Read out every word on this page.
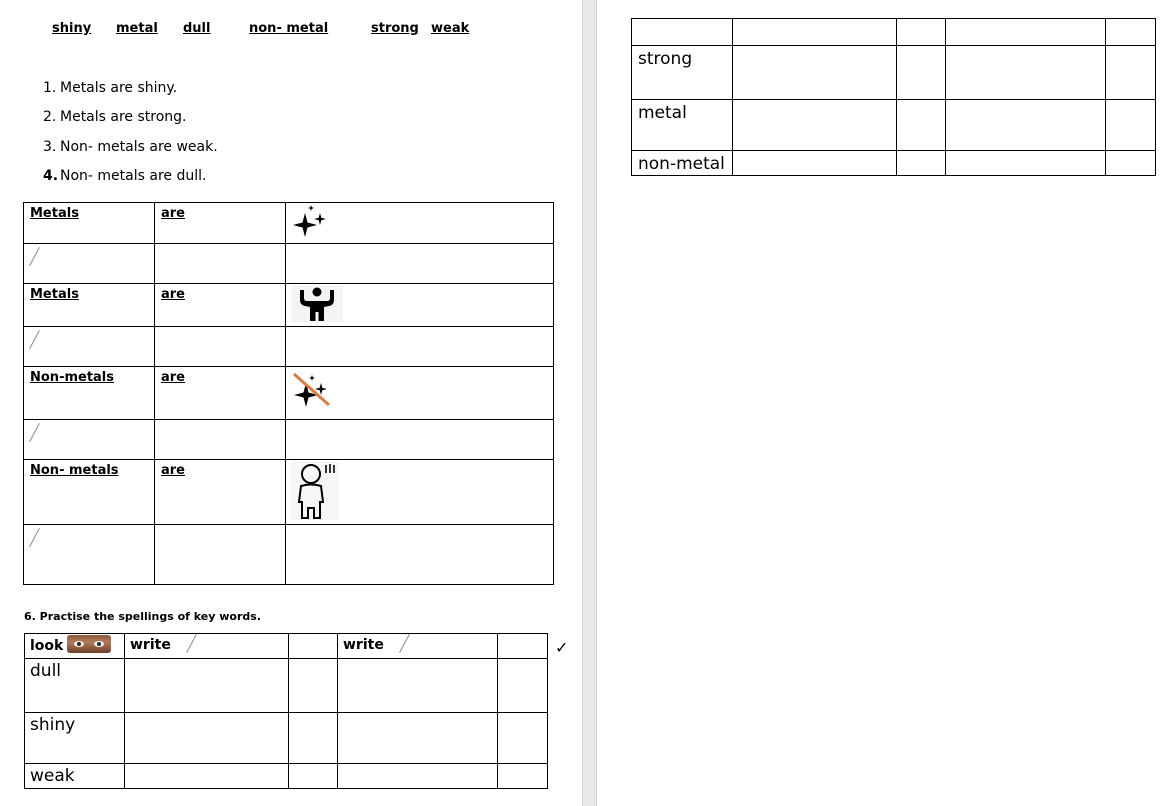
shiny metal dull	non- metal	strong weak
1. Metals are shiny.
2. Metals are strong.
3. Non- metals are weak.
4. Non- metals are dull.
Metals	are

Metals	are

Non-metals	are

Non- metals	are

6. Practise the spellings of key words.
look	write		write	

dull				

shiny				

weak				

✓

strong				

metal				

non-metal				
